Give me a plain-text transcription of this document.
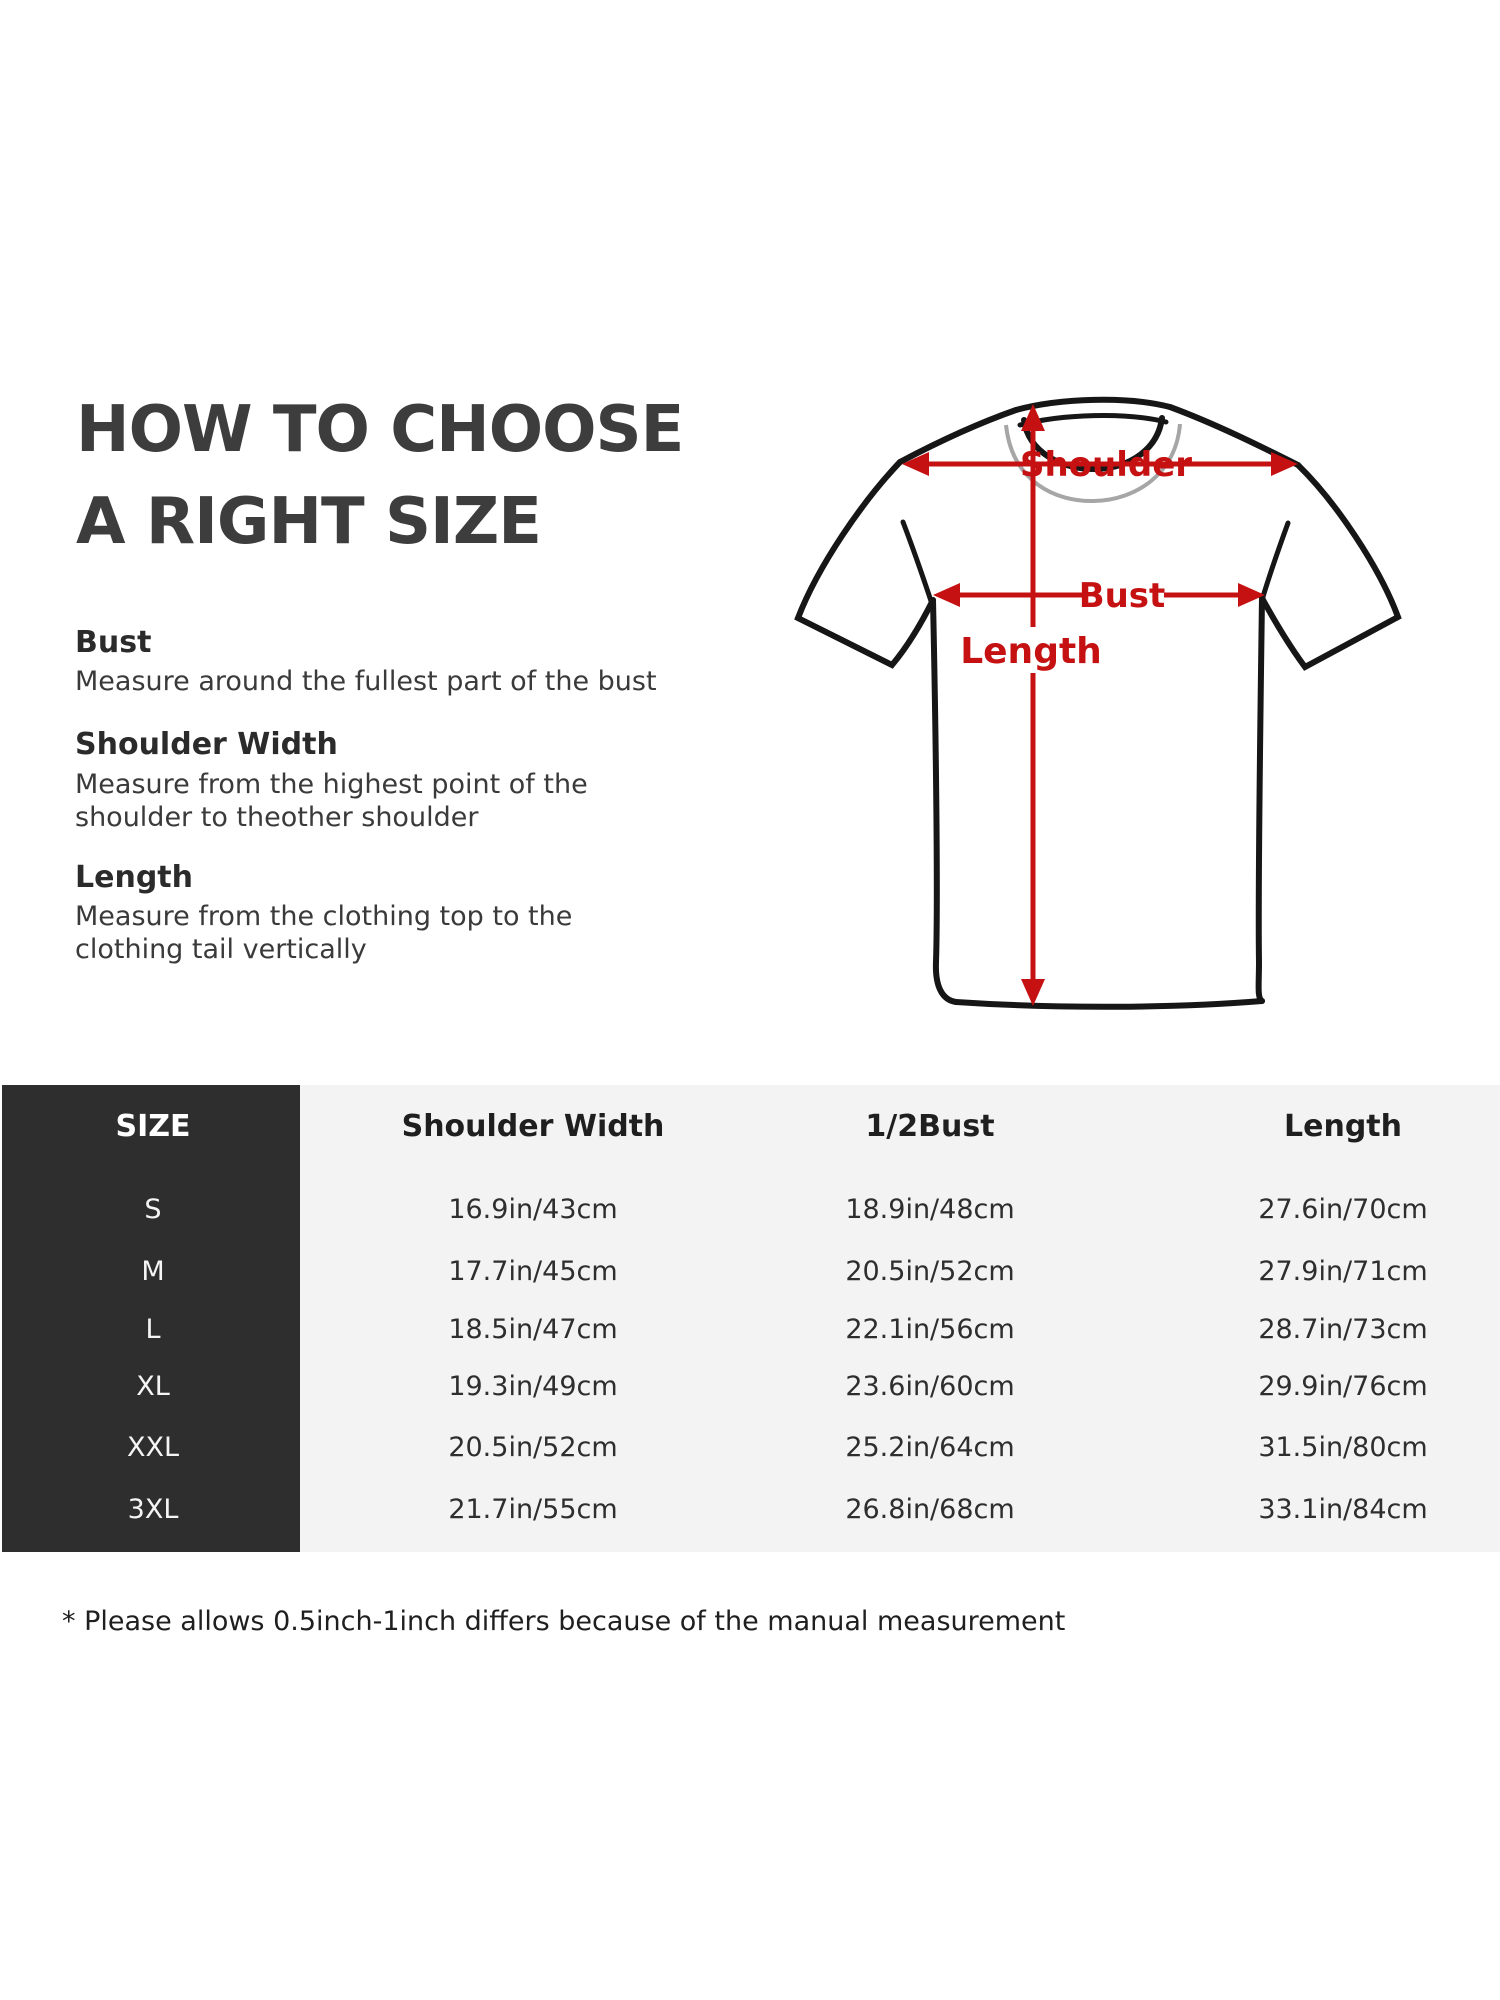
HOW TO CHOOSE
A RIGHT SIZE
Bust
Measure around the fullest part of the bust
Shoulder Width
Measure from the highest point of the
shoulder to theother shoulder
Length
Measure from the clothing top to the
clothing tail vertically
Shoulder
Bust
Length
SIZE	Shoulder Width	1/2Bust	Length
S	16.9in/43cm	18.9in/48cm	27.6in/70cm
M	17.7in/45cm	20.5in/52cm	27.9in/71cm
L	18.5in/47cm	22.1in/56cm	28.7in/73cm
XL	19.3in/49cm	23.6in/60cm	29.9in/76cm
XXL	20.5in/52cm	25.2in/64cm	31.5in/80cm
3XL	21.7in/55cm	26.8in/68cm	33.1in/84cm
* Please allows 0.5inch-1inch differs because of the manual measurement
